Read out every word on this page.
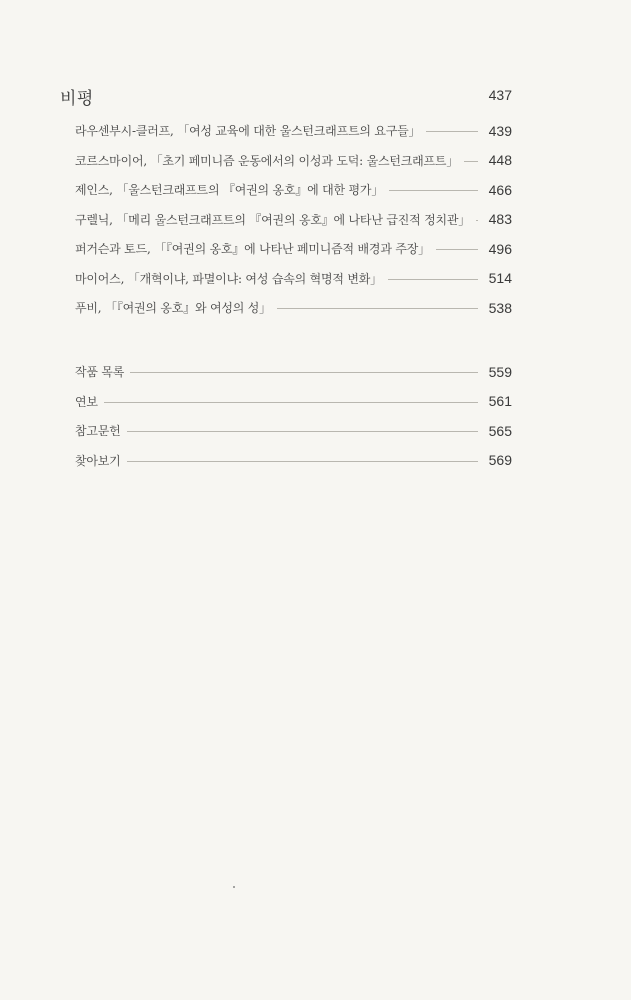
비평	437
라우센부시-클러프, 「여성 교육에 대한 울스턴크래프트의 요구들」	439
코르스마이어, 「초기 페미니즘 운동에서의 이성과 도덕: 울스턴크래프트」	448
제인스, 「울스턴크래프트의 『여권의 옹호』에 대한 평가」	466
구렐닉, 「메리 울스턴크래프트의 『여권의 옹호』에 나타난 급진적 정치관」	483
퍼거슨과 토드, 「『여권의 옹호』에 나타난 페미니즘적 배경과 주장」	496
마이어스, 「개혁이냐, 파멸이냐: 여성 습속의 혁명적 변화」	514
푸비, 「『여권의 옹호』와 여성의 성」	538
작품 목록	559
연보	561
참고문헌	565
찾아보기	569
